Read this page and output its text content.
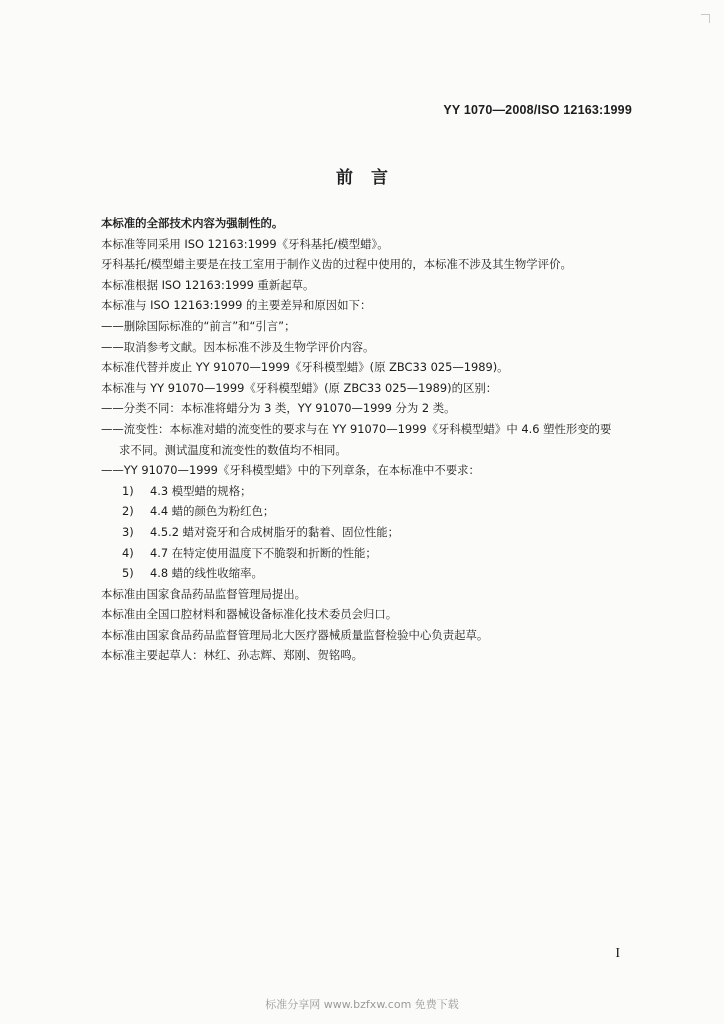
YY 1070—2008/ISO 12163:1999
前言
本标准的全部技术内容为强制性的。
本标准等同采用 ISO 12163:1999《牙科基托/模型蜡》。
牙科基托/模型蜡主要是在技工室用于制作义齿的过程中使用的，本标准不涉及其生物学评价。
本标准根据 ISO 12163:1999 重新起草。
本标准与 ISO 12163:1999 的主要差异和原因如下：
——删除国际标准的“前言”和“引言”；
——取消参考文献。因本标准不涉及生物学评价内容。
本标准代替并废止 YY 91070—1999《牙科模型蜡》(原 ZBC33 025—1989)。
本标准与 YY 91070—1999《牙科模型蜡》(原 ZBC33 025—1989)的区别：
——分类不同：本标准将蜡分为 3 类，YY 91070—1999 分为 2 类。
——流变性：本标准对蜡的流变性的要求与在 YY 91070—1999《牙科模型蜡》中 4.6 塑性形变的要
求不同。测试温度和流变性的数值均不相同。
——YY 91070—1999《牙科模型蜡》中的下列章条，在本标准中不要求：
1) 4.3 模型蜡的规格；
2) 4.4 蜡的颜色为粉红色；
3) 4.5.2 蜡对瓷牙和合成树脂牙的黏着、固位性能；
4) 4.7 在特定使用温度下不脆裂和折断的性能；
5) 4.8 蜡的线性收缩率。
本标准由国家食品药品监督管理局提出。
本标准由全国口腔材料和器械设备标准化技术委员会归口。
本标准由国家食品药品监督管理局北大医疗器械质量监督检验中心负责起草。
本标准主要起草人：林红、孙志辉、郑刚、贺铭鸣。
I
标准分享网 www.bzfxw.com 免费下载
